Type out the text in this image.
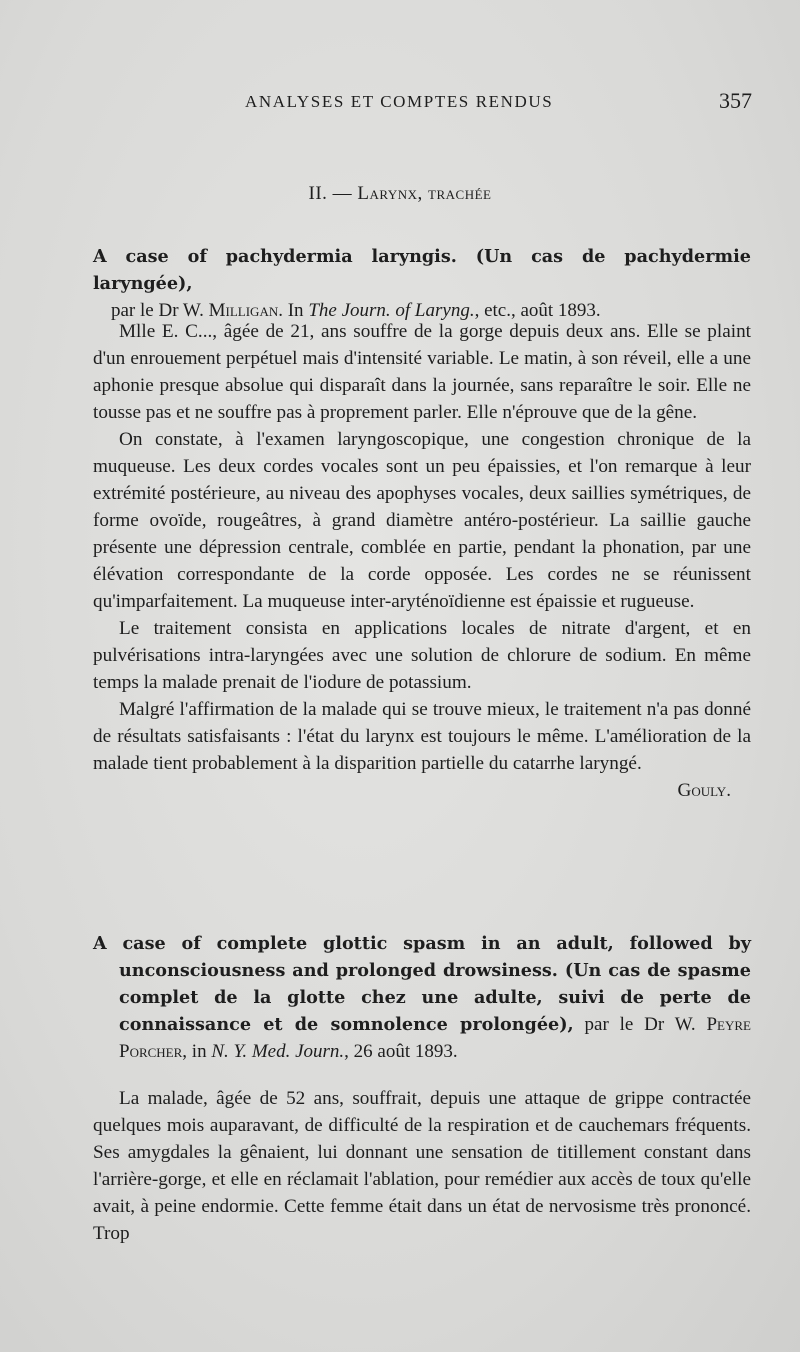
ANALYSES ET COMPTES RENDUS	357
II. — Larynx, trachée

A case of pachydermia laryngis. (Un cas de pachydermie laryngée),

par le Dr W. Milligan. In The Journ. of Laryng., etc., août 1893.

Mlle E. C..., âgée de 21, ans souffre de la gorge depuis deux ans. Elle se plaint d'un enrouement perpétuel mais d'intensité variable. Le matin, à son réveil, elle a une aphonie presque absolue qui disparaît dans la journée, sans reparaître le soir. Elle ne tousse pas et ne souffre pas à proprement parler. Elle n'éprouve que de la gêne.

On constate, à l'examen laryngoscopique, une congestion chronique de la muqueuse. Les deux cordes vocales sont un peu épaissies, et l'on remarque à leur extrémité postérieure, au niveau des apophyses vocales, deux saillies symétriques, de forme ovoïde, rougeâtres, à grand diamètre antéro-postérieur. La saillie gauche présente une dépression centrale, comblée en partie, pendant la phonation, par une élévation correspondante de la corde opposée. Les cordes ne se réunissent qu'imparfaitement. La muqueuse inter-aryténoïdienne est épaissie et rugueuse.

Le traitement consista en applications locales de nitrate d'argent, et en pulvérisations intra-laryngées avec une solution de chlorure de sodium. En même temps la malade prenait de l'iodure de potassium.

Malgré l'affirmation de la malade qui se trouve mieux, le traitement n'a pas donné de résultats satisfaisants : l'état du larynx est toujours le même. L'amélioration de la malade tient probablement à la disparition partielle du catarrhe laryngé.

Gouly.

A case of complete glottic spasm in an adult, followed by unconsciousness and prolonged drowsiness. (Un cas de spasme complet de la glotte chez une adulte, suivi de perte de connaissance et de somnolence prolongée), par le Dr W. Peyre Porcher, in N. Y. Med. Journ., 26 août 1893.

La malade, âgée de 52 ans, souffrait, depuis une attaque de grippe contractée quelques mois auparavant, de difficulté de la respiration et de cauchemars fréquents. Ses amygdales la gênaient, lui donnant une sensation de titillement constant dans l'arrière-gorge, et elle en réclamait l'ablation, pour remédier aux accès de toux qu'elle avait, à peine endormie. Cette femme était dans un état de nervosisme très prononcé. Trop
